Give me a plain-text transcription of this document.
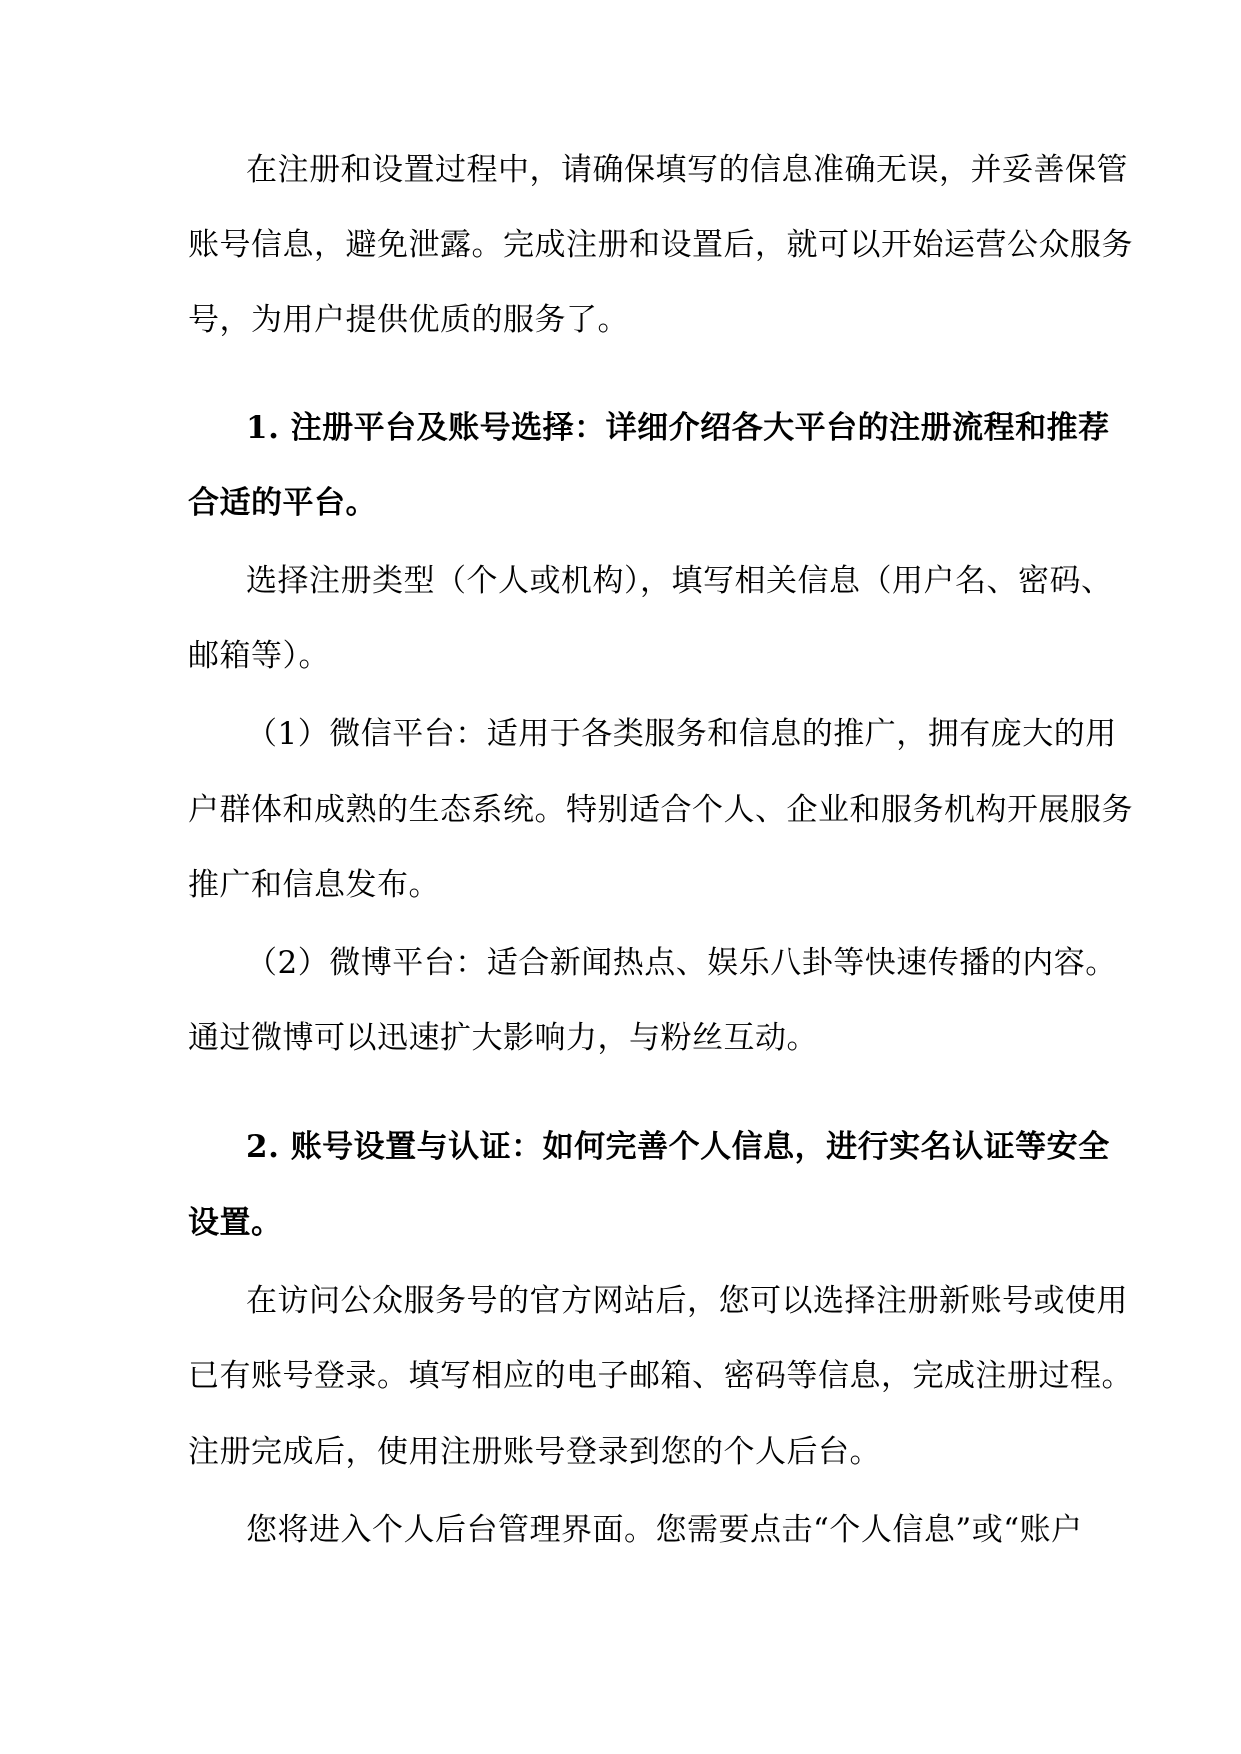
在注册和设置过程中，请确保填写的信息准确无误，并妥善保管
账号信息，避免泄露。完成注册和设置后，就可以开始运营公众服务
号，为用户提供优质的服务了。
1. 注册平台及账号选择：详细介绍各大平台的注册流程和推荐
合适的平台。
选择注册类型（个人或机构），填写相关信息（用户名、密码、
邮箱等）。
（1）微信平台：适用于各类服务和信息的推广，拥有庞大的用
户群体和成熟的生态系统。特别适合个人、企业和服务机构开展服务
推广和信息发布。
（2）微博平台：适合新闻热点、娱乐八卦等快速传播的内容。
通过微博可以迅速扩大影响力，与粉丝互动。
2. 账号设置与认证：如何完善个人信息，进行实名认证等安全
设置。
在访问公众服务号的官方网站后，您可以选择注册新账号或使用
已有账号登录。填写相应的电子邮箱、密码等信息，完成注册过程。
注册完成后，使用注册账号登录到您的个人后台。
您将进入个人后台管理界面。您需要点击“个人信息”或“账户
